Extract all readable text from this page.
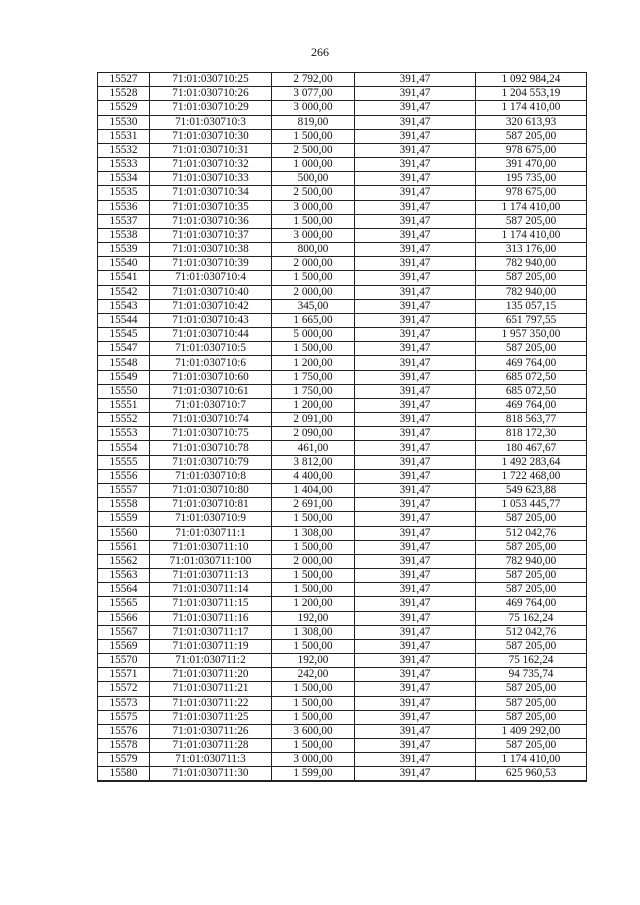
266
15527	71:01:030710:25	2 792,00	391,47	1 092 984,24
15528	71:01:030710:26	3 077,00	391,47	1 204 553,19
15529	71:01:030710:29	3 000,00	391,47	1 174 410,00
15530	71:01:030710:3	819,00	391,47	320 613,93
15531	71:01:030710:30	1 500,00	391,47	587 205,00
15532	71:01:030710:31	2 500,00	391,47	978 675,00
15533	71:01:030710:32	1 000,00	391,47	391 470,00
15534	71:01:030710:33	500,00	391,47	195 735,00
15535	71:01:030710:34	2 500,00	391,47	978 675,00
15536	71:01:030710:35	3 000,00	391,47	1 174 410,00
15537	71:01:030710:36	1 500,00	391,47	587 205,00
15538	71:01:030710:37	3 000,00	391,47	1 174 410,00
15539	71:01:030710:38	800,00	391,47	313 176,00
15540	71:01:030710:39	2 000,00	391,47	782 940,00
15541	71:01:030710:4	1 500,00	391,47	587 205,00
15542	71:01:030710:40	2 000,00	391,47	782 940,00
15543	71:01:030710:42	345,00	391,47	135 057,15
15544	71:01:030710:43	1 665,00	391,47	651 797,55
15545	71:01:030710:44	5 000,00	391,47	1 957 350,00
15547	71:01:030710:5	1 500,00	391,47	587 205,00
15548	71:01:030710:6	1 200,00	391,47	469 764,00
15549	71:01:030710:60	1 750,00	391,47	685 072,50
15550	71:01:030710:61	1 750,00	391,47	685 072,50
15551	71:01:030710:7	1 200,00	391,47	469 764,00
15552	71:01:030710:74	2 091,00	391,47	818 563,77
15553	71:01:030710:75	2 090,00	391,47	818 172,30
15554	71:01:030710:78	461,00	391,47	180 467,67
15555	71:01:030710:79	3 812,00	391,47	1 492 283,64
15556	71:01:030710:8	4 400,00	391,47	1 722 468,00
15557	71:01:030710:80	1 404,00	391,47	549 623,88
15558	71:01:030710:81	2 691,00	391,47	1 053 445,77
15559	71:01:030710:9	1 500,00	391,47	587 205,00
15560	71:01:030711:1	1 308,00	391,47	512 042,76
15561	71:01:030711:10	1 500,00	391,47	587 205,00
15562	71:01:030711:100	2 000,00	391,47	782 940,00
15563	71:01:030711:13	1 500,00	391,47	587 205,00
15564	71:01:030711:14	1 500,00	391,47	587 205,00
15565	71:01:030711:15	1 200,00	391,47	469 764,00
15566	71:01:030711:16	192,00	391,47	75 162,24
15567	71:01:030711:17	1 308,00	391,47	512 042,76
15569	71:01:030711:19	1 500,00	391,47	587 205,00
15570	71:01:030711:2	192,00	391,47	75 162,24
15571	71:01:030711:20	242,00	391,47	94 735,74
15572	71:01:030711:21	1 500,00	391,47	587 205,00
15573	71:01:030711:22	1 500,00	391,47	587 205,00
15575	71:01:030711:25	1 500,00	391,47	587 205,00
15576	71:01:030711:26	3 600,00	391,47	1 409 292,00
15578	71:01:030711:28	1 500,00	391,47	587 205,00
15579	71:01:030711:3	3 000,00	391,47	1 174 410,00
15580	71:01:030711:30	1 599,00	391,47	625 960,53
